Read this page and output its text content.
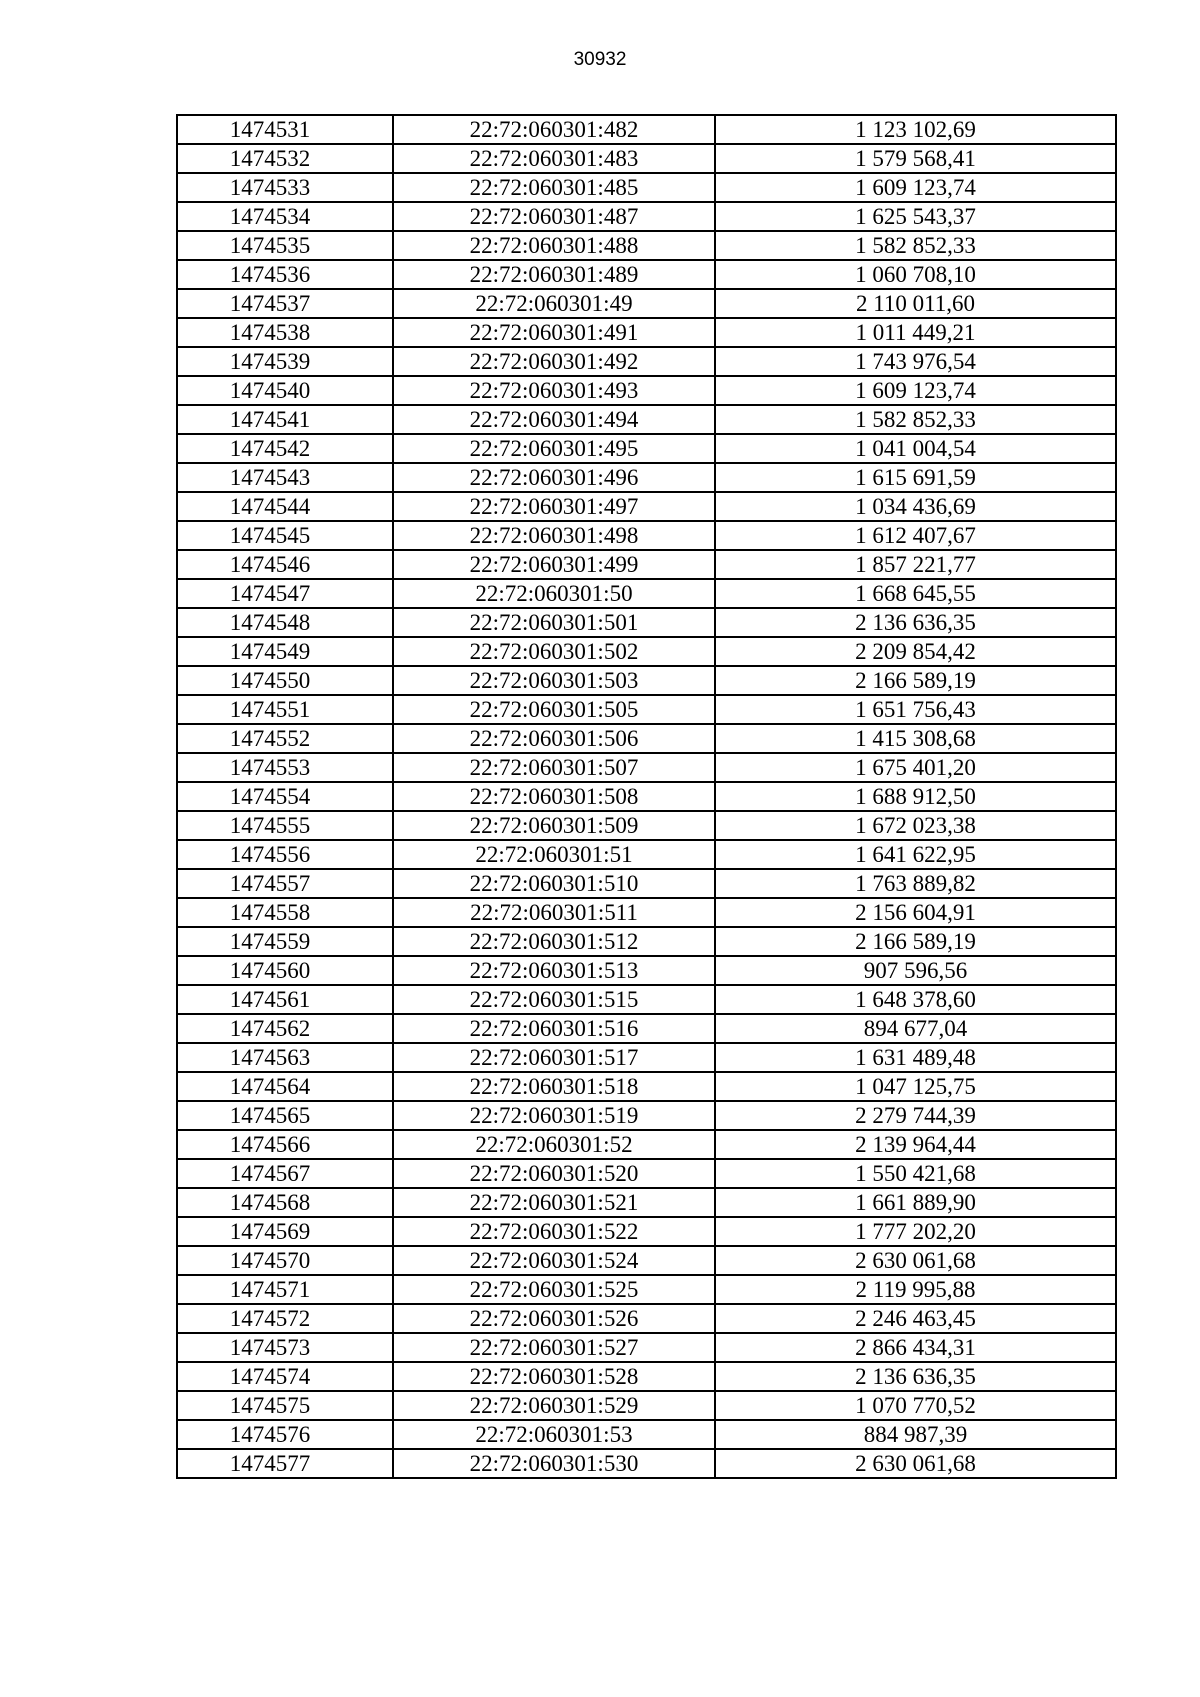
30932
1474531	22:72:060301:482	1 123 102,69
1474532	22:72:060301:483	1 579 568,41
1474533	22:72:060301:485	1 609 123,74
1474534	22:72:060301:487	1 625 543,37
1474535	22:72:060301:488	1 582 852,33
1474536	22:72:060301:489	1 060 708,10
1474537	22:72:060301:49	2 110 011,60
1474538	22:72:060301:491	1 011 449,21
1474539	22:72:060301:492	1 743 976,54
1474540	22:72:060301:493	1 609 123,74
1474541	22:72:060301:494	1 582 852,33
1474542	22:72:060301:495	1 041 004,54
1474543	22:72:060301:496	1 615 691,59
1474544	22:72:060301:497	1 034 436,69
1474545	22:72:060301:498	1 612 407,67
1474546	22:72:060301:499	1 857 221,77
1474547	22:72:060301:50	1 668 645,55
1474548	22:72:060301:501	2 136 636,35
1474549	22:72:060301:502	2 209 854,42
1474550	22:72:060301:503	2 166 589,19
1474551	22:72:060301:505	1 651 756,43
1474552	22:72:060301:506	1 415 308,68
1474553	22:72:060301:507	1 675 401,20
1474554	22:72:060301:508	1 688 912,50
1474555	22:72:060301:509	1 672 023,38
1474556	22:72:060301:51	1 641 622,95
1474557	22:72:060301:510	1 763 889,82
1474558	22:72:060301:511	2 156 604,91
1474559	22:72:060301:512	2 166 589,19
1474560	22:72:060301:513	907 596,56
1474561	22:72:060301:515	1 648 378,60
1474562	22:72:060301:516	894 677,04
1474563	22:72:060301:517	1 631 489,48
1474564	22:72:060301:518	1 047 125,75
1474565	22:72:060301:519	2 279 744,39
1474566	22:72:060301:52	2 139 964,44
1474567	22:72:060301:520	1 550 421,68
1474568	22:72:060301:521	1 661 889,90
1474569	22:72:060301:522	1 777 202,20
1474570	22:72:060301:524	2 630 061,68
1474571	22:72:060301:525	2 119 995,88
1474572	22:72:060301:526	2 246 463,45
1474573	22:72:060301:527	2 866 434,31
1474574	22:72:060301:528	2 136 636,35
1474575	22:72:060301:529	1 070 770,52
1474576	22:72:060301:53	884 987,39
1474577	22:72:060301:530	2 630 061,68
